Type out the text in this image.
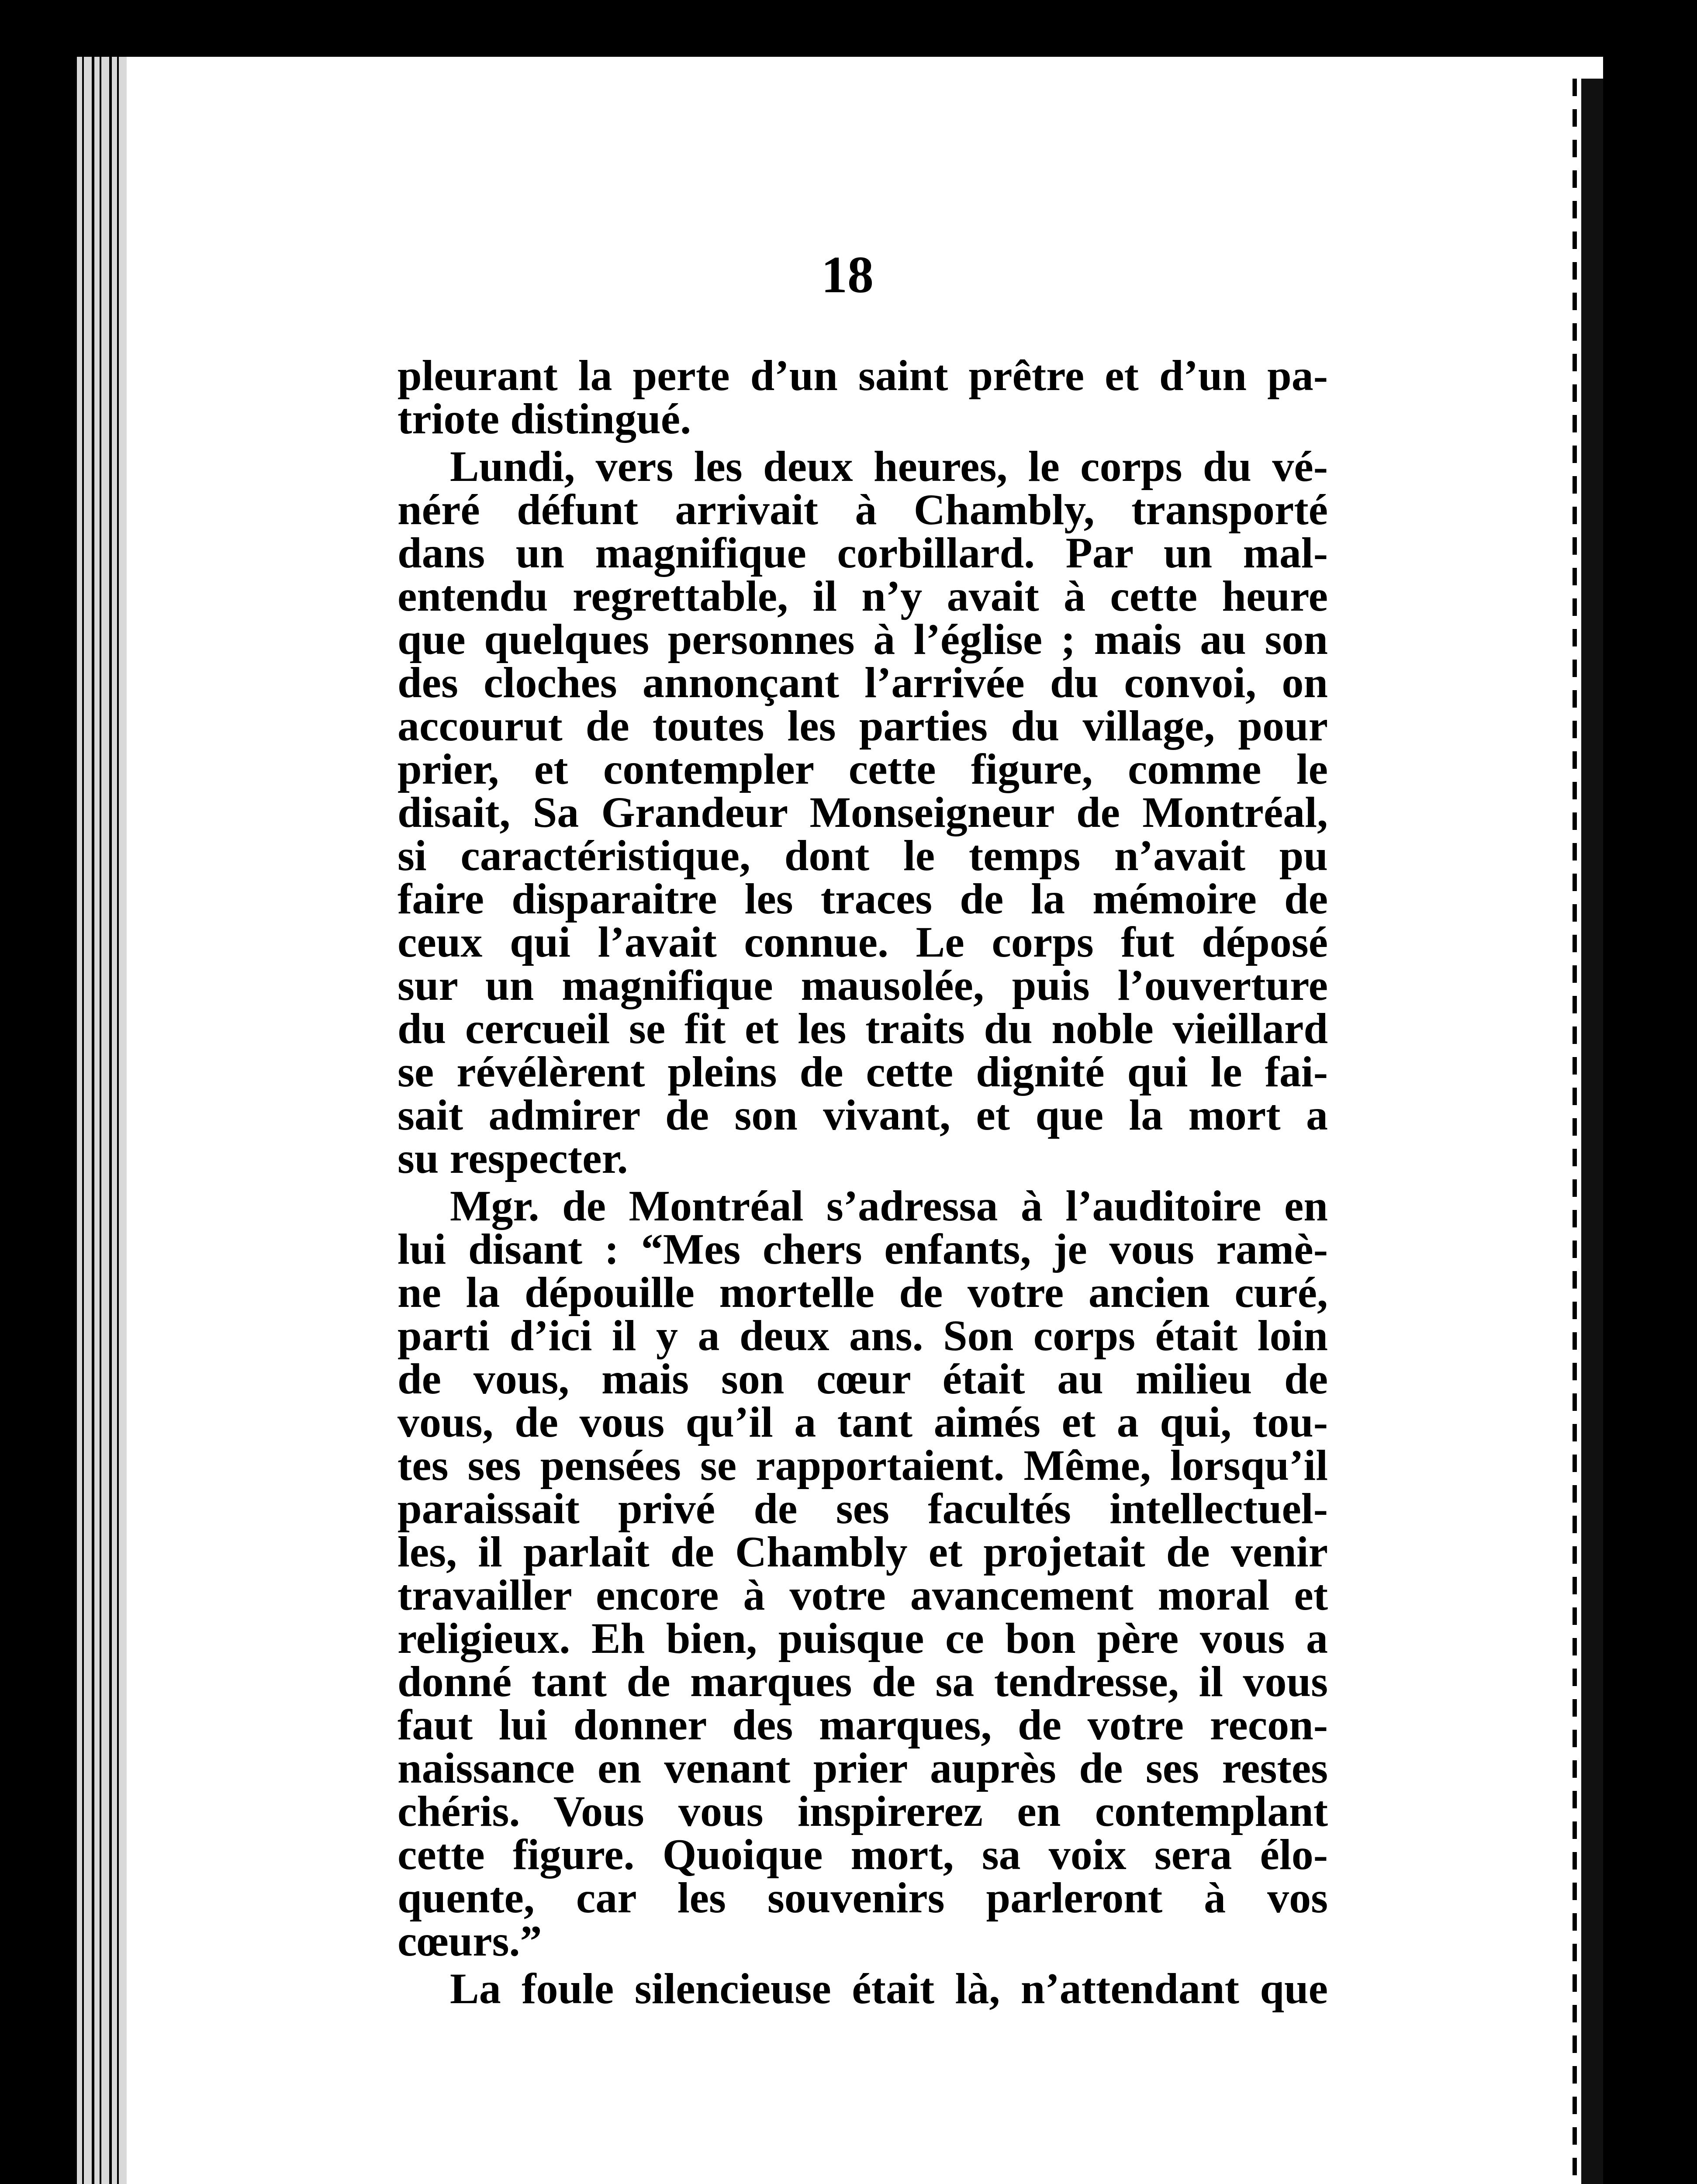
18
pleurant la perte d’un saint prêtre et d’un pa-
triote distingué.
Lundi, vers les deux heures, le corps du vé-
néré défunt arrivait à Chambly, transporté
dans un magnifique corbillard. Par un mal-
entendu regrettable, il n’y avait à cette heure
que quelques personnes à l’église ; mais au son
des cloches annonçant l’arrivée du convoi, on
accourut de toutes les parties du village, pour
prier, et contempler cette figure, comme le
disait, Sa Grandeur Monseigneur de Montréal,
si caractéristique, dont le temps n’avait pu
faire disparaitre les traces de la mémoire de
ceux qui l’avait connue. Le corps fut déposé
sur un magnifique mausolée, puis l’ouverture
du cercueil se fit et les traits du noble vieillard
se révélèrent pleins de cette dignité qui le fai-
sait admirer de son vivant, et que la mort a
su respecter.
Mgr. de Montréal s’adressa à l’auditoire en
lui disant : “Mes chers enfants, je vous ramè-
ne la dépouille mortelle de votre ancien curé,
parti d’ici il y a deux ans. Son corps était loin
de vous, mais son cœur était au milieu de
vous, de vous qu’il a tant aimés et a qui, tou-
tes ses pensées se rapportaient. Même, lorsqu’il
paraissait privé de ses facultés intellectuel-
les, il parlait de Chambly et projetait de venir
travailler encore à votre avancement moral et
religieux. Eh bien, puisque ce bon père vous a
donné tant de marques de sa tendresse, il vous
faut lui donner des marques, de votre recon-
naissance en venant prier auprès de ses restes
chéris. Vous vous inspirerez en contemplant
cette figure. Quoique mort, sa voix sera élo-
quente, car les souvenirs parleront à vos
cœurs.”
La foule silencieuse était là, n’attendant que
